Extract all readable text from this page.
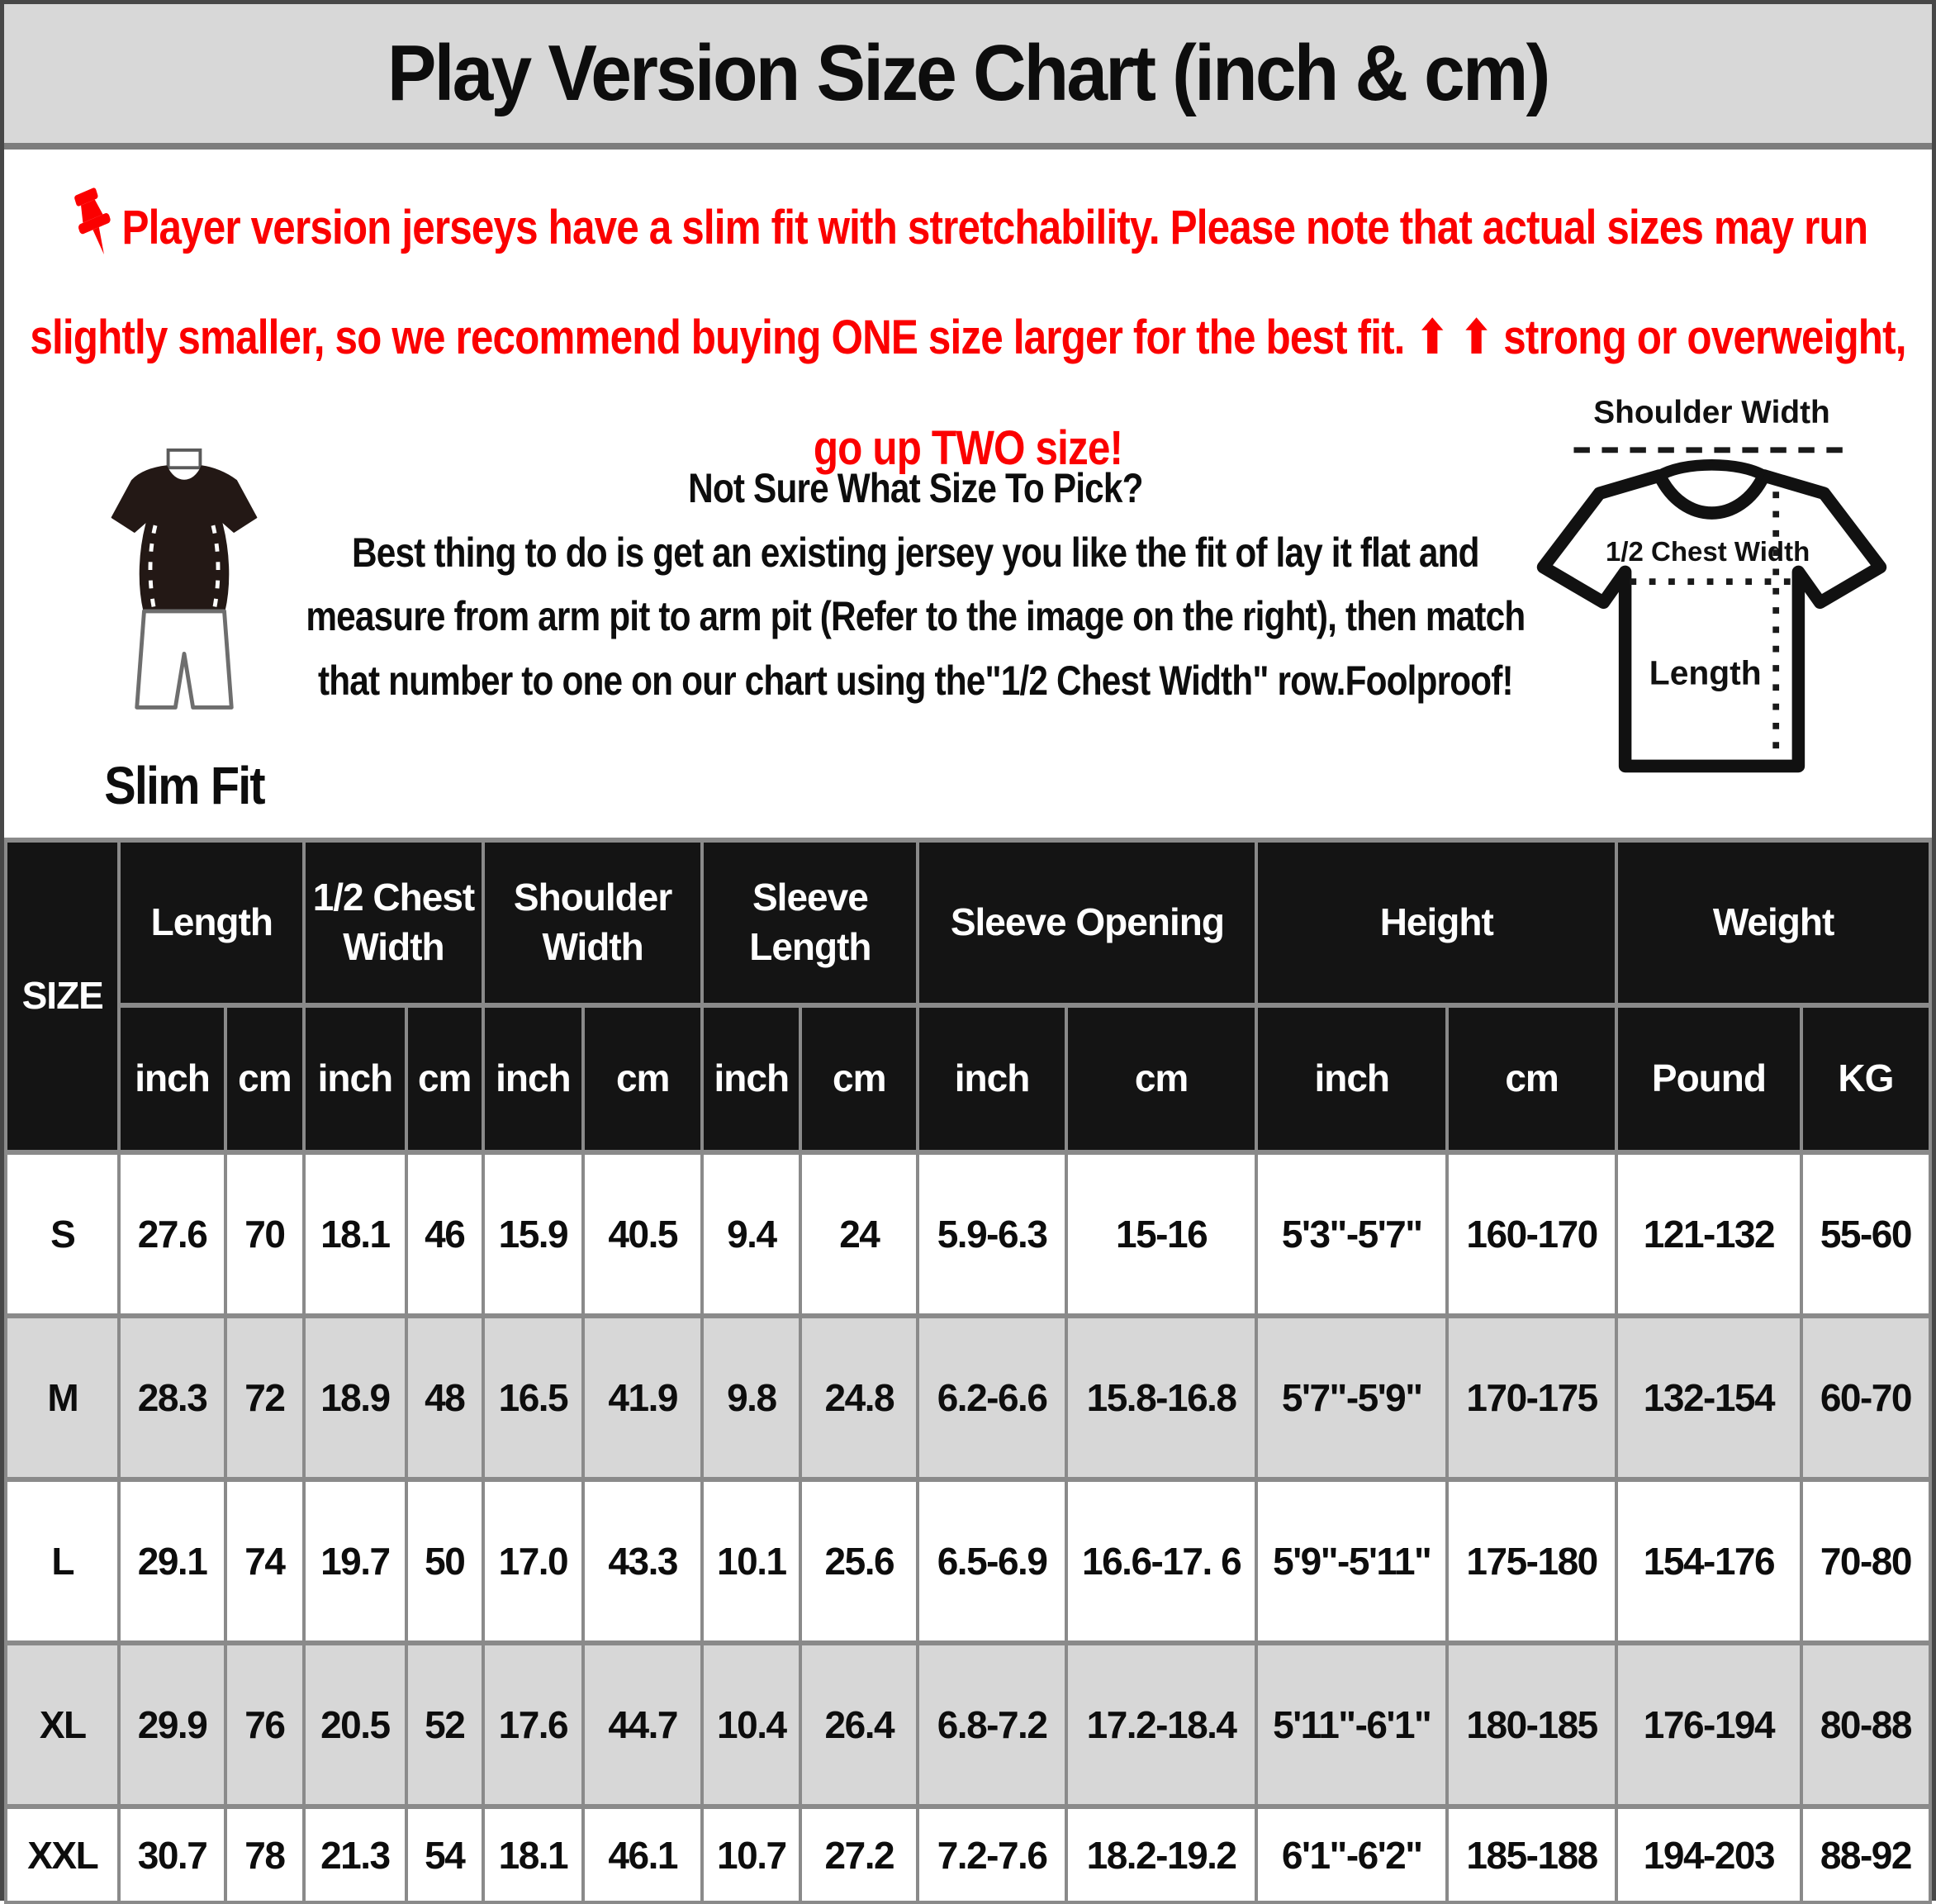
Play Version Size Chart (inch & cm)

Player version jerseys have a slim fit with stretchability. Please note that actual sizes may run slightly smaller, so we recommend buying ONE size larger for the best fit. ⬆ ⬆ strong or overweight, go up TWO size!

Slim Fit
Not Sure What Size To Pick?
Best thing to do is get an existing jersey you like the fit of lay it flat and measure from arm pit to arm pit (Refer to the image on the right), then match that number to one on our chart using the"1/2 Chest Width" row.Foolproof!
Shoulder Width
1/2 Chest Width
Length
SIZE	Length		1/2 Chest Width		Shoulder Width		Sleeve Length		Sleeve Opening		Height		Weight	
	inch	cm	inch	cm	inch	cm	inch	cm	inch	cm	inch	cm	Pound	KG
S	27.6	70	18.1	46	15.9	40.5	9.4	24	5.9-6.3	15-16	5'3"-5'7"	160-170	121-132	55-60
M	28.3	72	18.9	48	16.5	41.9	9.8	24.8	6.2-6.6	15.8-16.8	5'7"-5'9"	170-175	132-154	60-70
L	29.1	74	19.7	50	17.0	43.3	10.1	25.6	6.5-6.9	16.6-17. 6	5'9"-5'11"	175-180	154-176	70-80
XL	29.9	76	20.5	52	17.6	44.7	10.4	26.4	6.8-7.2	17.2-18.4	5'11"-6'1"	180-185	176-194	80-88
XXL	30.7	78	21.3	54	18.1	46.1	10.7	27.2	7.2-7.6	18.2-19.2	6'1"-6'2"	185-188	194-203	88-92
